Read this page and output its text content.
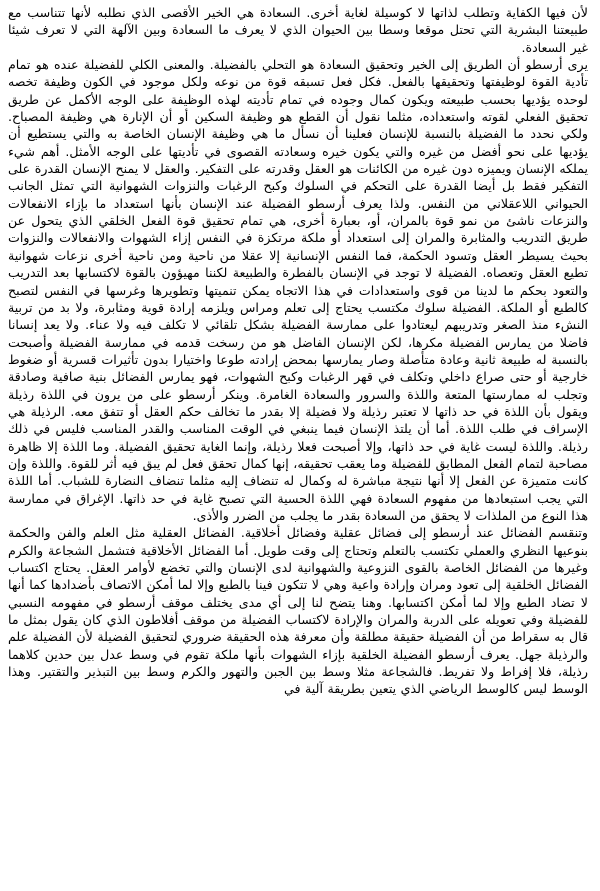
لأن فيها الكفاية وتطلب لذاتها لا كوسيلة لغاية أخرى. السعادة هي الخير الأقصى الذي نطلبه لأنها تتناسب مع طبيعتنا البشرية التي تحتل موقعا وسطا بين الحيوان الذي لا يعرف ما السعادة وبين الآلهة التي لا تعرف شيئا غير السعادة.

يرى أرسطو أن الطريق إلى الخير وتحقيق السعادة هو التحلي بالفضيلة. والمعنى الكلي للفضيلة عنده هو تمام تأدية القوة لوظيفتها وتحقيقها بالفعل. فكل فعل تسبقه قوة من نوعه ولكل موجود في الكون وظيفة تخصه لوحده يؤديها بحسب طبيعته ويكون كمال وجوده في تمام تأديته لهذه الوظيفة على الوجه الأكمل عن طريق تحقيق الفعلي لقوته واستعداده، مثلما نقول أن القطع هو وظيفة السكين أو أن الإنارة هي وظيفة المصباح. ولكي نحدد ما الفضيلة بالنسبة للإنسان فعلينا أن نسأل ما هي وظيفة الإنسان الخاصة به والتي يستطيع أن يؤديها على نحو أفضل من غيره والتي يكون خيره وسعادته القصوى في تأديتها على الوجه الأمثل. أهم شيء يملكه الإنسان ويميزه دون غيره من الكائنات هو العقل وقدرته على التفكير. والعقل لا يمنح الإنسان القدرة على التفكير فقط بل أيضا القدرة على التحكم في السلوك وكبح الرغبات والنزوات الشهوانية التي تمثل الجانب الحيواني اللاعقلاني من النفس. ولذا يعرف أرسطو الفضيلة عند الإنسان بأنها استعداد ما بإزاء الانفعالات والنزعات ناشئ من نمو قوة بالمران، أو، بعبارة أخرى، هي تمام تحقيق قوة الفعل الخلقي الذي يتحول عن طريق التدريب والمثابرة والمران إلى استعداد أو ملكة مرتكزة في النفس إزاء الشهوات والانفعالات والنزوات بحيث يسيطر العقل وتسود الحكمة، فما النفس الإنسانية إلا عقلا من ناحية ومن ناحية أخرى نزعات شهوانية تطيع العقل وتعصاه. الفضيلة لا توجد في الإنسان بالفطرة والطبيعة لكننا مهيؤون بالقوة لاكتسابها بعد التدريب والتعود بحكم ما لدينا من قوى واستعدادات في هذا الاتجاه يمكن تنميتها وتطويرها وغرسها في النفس لتصبح كالطبع أو الملكة. الفضيلة سلوك مكتسب يحتاج إلى تعلم ومراس ويلزمه إرادة قوية ومثابرة، ولا بد من تربية النشء منذ الصغر وتدريبهم ليعتادوا على ممارسة الفضيلة بشكل تلقائي لا تكلف فيه ولا عناء. ولا يعد إنسانا فاضلا من يمارس الفضيلة مكرها، لكن الإنسان الفاضل هو من رسخت قدمه في ممارسة الفضيلة وأصبحت بالنسبة له طبيعة ثانية وعادة متأصلة وصار يمارسها بمحض إرادته طوعا واختيارا بدون تأثيرات قسرية أو ضغوط خارجية أو حتى صراع داخلي وتكلف في قهر الرغبات وكبح الشهوات، فهو يمارس الفضائل بنية صافية وصادقة وتجلب له ممارستها المتعة واللذة والسرور والسعادة الغامرة. وينكر أرسطو على من يرون في اللذة رذيلة ويقول بأن اللذة في حد ذاتها لا تعتبر رذيلة ولا فضيلة إلا بقدر ما تخالف حكم العقل أو تتفق معه. الرذيلة هي الإسراف في طلب اللذة. أما أن يلتذ الإنسان فيما ينبغي في الوقت المناسب والقدر المناسب فليس في ذلك رذيلة. واللذة ليست غاية في حد ذاتها، وإلا أصبحت فعلا رذيلة، وإنما الغاية تحقيق الفضيلة. وما اللذة إلا ظاهرة مصاحبة لتمام الفعل المطابق للفضيلة وما يعقب تحقيقه، إنها كمال تحقق فعل لم يبق فيه أثر للقوة. واللذة وإن كانت متميزة عن الفعل إلا أنها نتيجة مباشرة له وكمال له تنضاف إليه مثلما تنضاف النضارة للشباب. أما اللذة التي يجب استبعادها من مفهوم السعادة فهي اللذة الحسية التي تصبح غاية في حد ذاتها. الإغراق في ممارسة هذا النوع من الملذات لا يحقق من السعادة بقدر ما يجلب من الضرر والأذى.

وتنقسم الفضائل عند أرسطو إلى فضائل عقلية وفضائل أخلاقية. الفضائل العقلية مثل العلم والفن والحكمة بنوعيها النظري والعملي تكتسب بالتعلم وتحتاج إلى وقت طويل. أما الفضائل الأخلاقية فتشمل الشجاعة والكرم وغيرها من الفضائل الخاصة بالقوى النزوعية والشهوانية لدى الإنسان والتي تخضع لأوامر العقل. يحتاج اكتساب الفضائل الخلقية إلى تعود ومران وإرادة واعية وهي لا تتكون فينا بالطبع وإلا لما أمكن الاتصاف بأضدادها كما أنها لا تضاد الطبع وإلا لما أمكن اكتسابها. وهنا يتضح لنا إلى أي مدى يختلف موقف أرسطو في مفهومه النسبي للفضيلة وفي تعويله على الدربة والمران والإرادة لاكتساب الفضيلة من موقف أفلاطون الذي كان يقول بمثل ما قال به سقراط من أن الفضيلة حقيقة مطلقة وأن معرفة هذه الحقيقة ضروري لتحقيق الفضيلة لأن الفضيلة علم والرذيلة جهل. يعرف أرسطو الفضيلة الخلقية بإزاء الشهوات بأنها ملكة تقوم في وسط عدل بين حدين كلاهما رذيلة، فلا إفراط ولا تفريط. فالشجاعة مثلا وسط بين الجبن والتهور والكرم وسط بين التبذير والتقتير. وهذا الوسط ليس كالوسط الرياضي الذي يتعين بطريقة آلية في
